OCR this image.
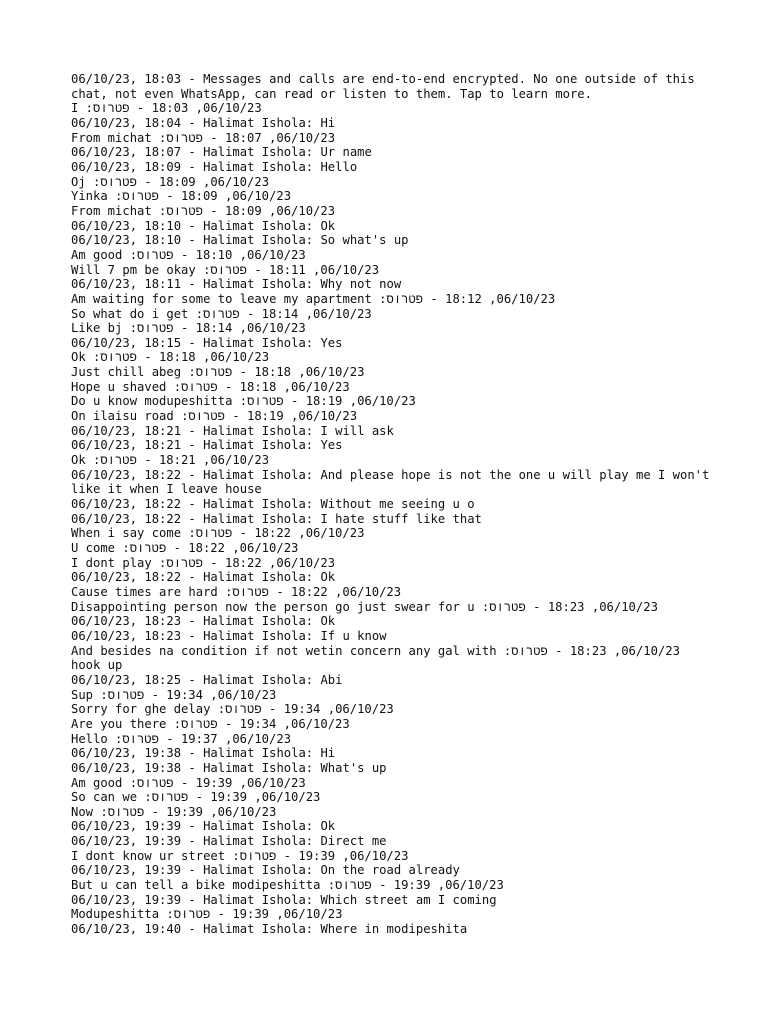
06/10/23, 18:03 - Messages and calls are end-to-end encrypted. No one outside of this chat, not even WhatsApp, can read or listen to them. Tap to learn more.
06/10/23, 18:03 - פטרוס: I
06/10/23, 18:04 - Halimat Ishola: Hi
06/10/23, 18:07 - פטרוס: From michat
06/10/23, 18:07 - Halimat Ishola: Ur name
06/10/23, 18:09 - Halimat Ishola: Hello
06/10/23, 18:09 - פטרוס: Oj
06/10/23, 18:09 - פטרוס: Yinka
06/10/23, 18:09 - פטרוס: From michat
06/10/23, 18:10 - Halimat Ishola: Ok
06/10/23, 18:10 - Halimat Ishola: So what's up
06/10/23, 18:10 - פטרוס: Am good
06/10/23, 18:11 - פטרוס: Will 7 pm be okay
06/10/23, 18:11 - Halimat Ishola: Why not now
06/10/23, 18:12 - פטרוס: Am waiting for some to leave my apartment
06/10/23, 18:14 - פטרוס: So what do i get
06/10/23, 18:14 - פטרוס: Like bj
06/10/23, 18:15 - Halimat Ishola: Yes
06/10/23, 18:18 - פטרוס: Ok
06/10/23, 18:18 - פטרוס: Just chill abeg
06/10/23, 18:18 - פטרוס: Hope u shaved
06/10/23, 18:19 - פטרוס: Do u know modupeshitta
06/10/23, 18:19 - פטרוס: On ilaisu road
06/10/23, 18:21 - Halimat Ishola: I will ask
06/10/23, 18:21 - Halimat Ishola: Yes
06/10/23, 18:21 - פטרוס: Ok
06/10/23, 18:22 - Halimat Ishola: And please hope is not the one u will play me I won't like it when I leave house
06/10/23, 18:22 - Halimat Ishola: Without me seeing u o
06/10/23, 18:22 - Halimat Ishola: I hate stuff like that
06/10/23, 18:22 - פטרוס: When i say come
06/10/23, 18:22 - פטרוס: U come
06/10/23, 18:22 - פטרוס: I dont play
06/10/23, 18:22 - Halimat Ishola: Ok
06/10/23, 18:22 - פטרוס: Cause times are hard
06/10/23, 18:23 - פטרוס: Disappointing person now the person go just swear for u
06/10/23, 18:23 - Halimat Ishola: Ok
06/10/23, 18:23 - Halimat Ishola: If u know
06/10/23, 18:23 - פטרוס: And besides na condition if not wetin concern any gal with hook up
06/10/23, 18:25 - Halimat Ishola: Abi
06/10/23, 19:34 - פטרוס: Sup
06/10/23, 19:34 - פטרוס: Sorry for ghe delay
06/10/23, 19:34 - פטרוס: Are you there
06/10/23, 19:37 - פטרוס: Hello
06/10/23, 19:38 - Halimat Ishola: Hi
06/10/23, 19:38 - Halimat Ishola: What's up
06/10/23, 19:39 - פטרוס: Am good
06/10/23, 19:39 - פטרוס: So can we
06/10/23, 19:39 - פטרוס: Now
06/10/23, 19:39 - Halimat Ishola: Ok
06/10/23, 19:39 - Halimat Ishola: Direct me
06/10/23, 19:39 - פטרוס: I dont know ur street
06/10/23, 19:39 - Halimat Ishola: On the road already
06/10/23, 19:39 - פטרוס: But u can tell a bike modipeshitta
06/10/23, 19:39 - Halimat Ishola: Which street am I coming
06/10/23, 19:39 - פטרוס: Modupeshitta
06/10/23, 19:40 - Halimat Ishola: Where in modipeshita
